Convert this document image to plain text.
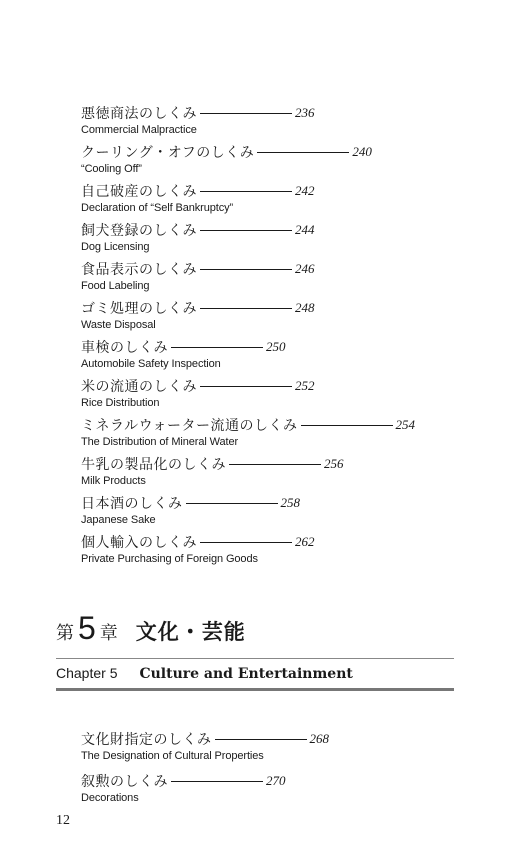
悪徳商法のしくみ	236
Commercial Malpractice
クーリング・オフのしくみ	240
“Cooling Off”
自己破産のしくみ	242
Declaration of “Self Bankruptcy”
飼犬登録のしくみ	244
Dog Licensing
食品表示のしくみ	246
Food Labeling
ゴミ処理のしくみ	248
Waste Disposal
車検のしくみ	250
Automobile Safety Inspection
米の流通のしくみ	252
Rice Distribution
ミネラルウォーター流通のしくみ	254
The Distribution of Mineral Water
牛乳の製品化のしくみ	256
Milk Products
日本酒のしくみ	258
Japanese Sake
個人輸入のしくみ	262
Private Purchasing of Foreign Goods
第 5 章 文化・芸能
Chapter 5 Culture and Entertainment
文化財指定のしくみ	268
The Designation of Cultural Properties
叙勲のしくみ	270
Decorations
12
